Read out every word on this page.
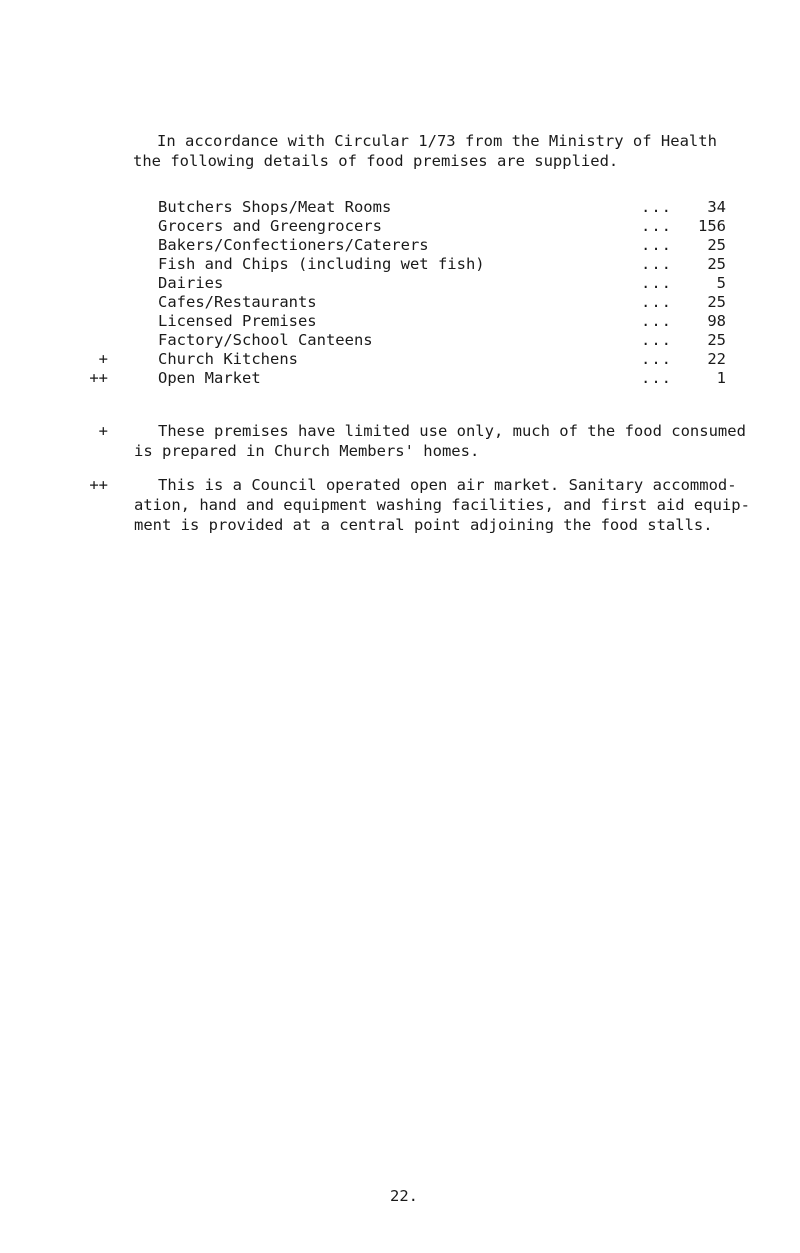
In accordance with Circular 1/73 from the Ministry of Health
the following details of food premises are supplied.

Butchers Shops/Meat Rooms	...	34
Grocers and Greengrocers	...	156
Bakers/Confectioners/Caterers	...	25
Fish and Chips (including wet fish)	...	25
Dairies	...	5
Cafes/Restaurants	...	25
Licensed Premises	...	98
Factory/School Canteens	...	25
+	Church Kitchens	...	22
++	Open Market	...	1
+	These premises have limited use only, much of the food consumed
is prepared in Church Members' homes.

++	This is a Council operated open air market. Sanitary accommod-
ation, hand and equipment washing facilities, and first aid equip-
ment is provided at a central point adjoining the food stalls.

22.
